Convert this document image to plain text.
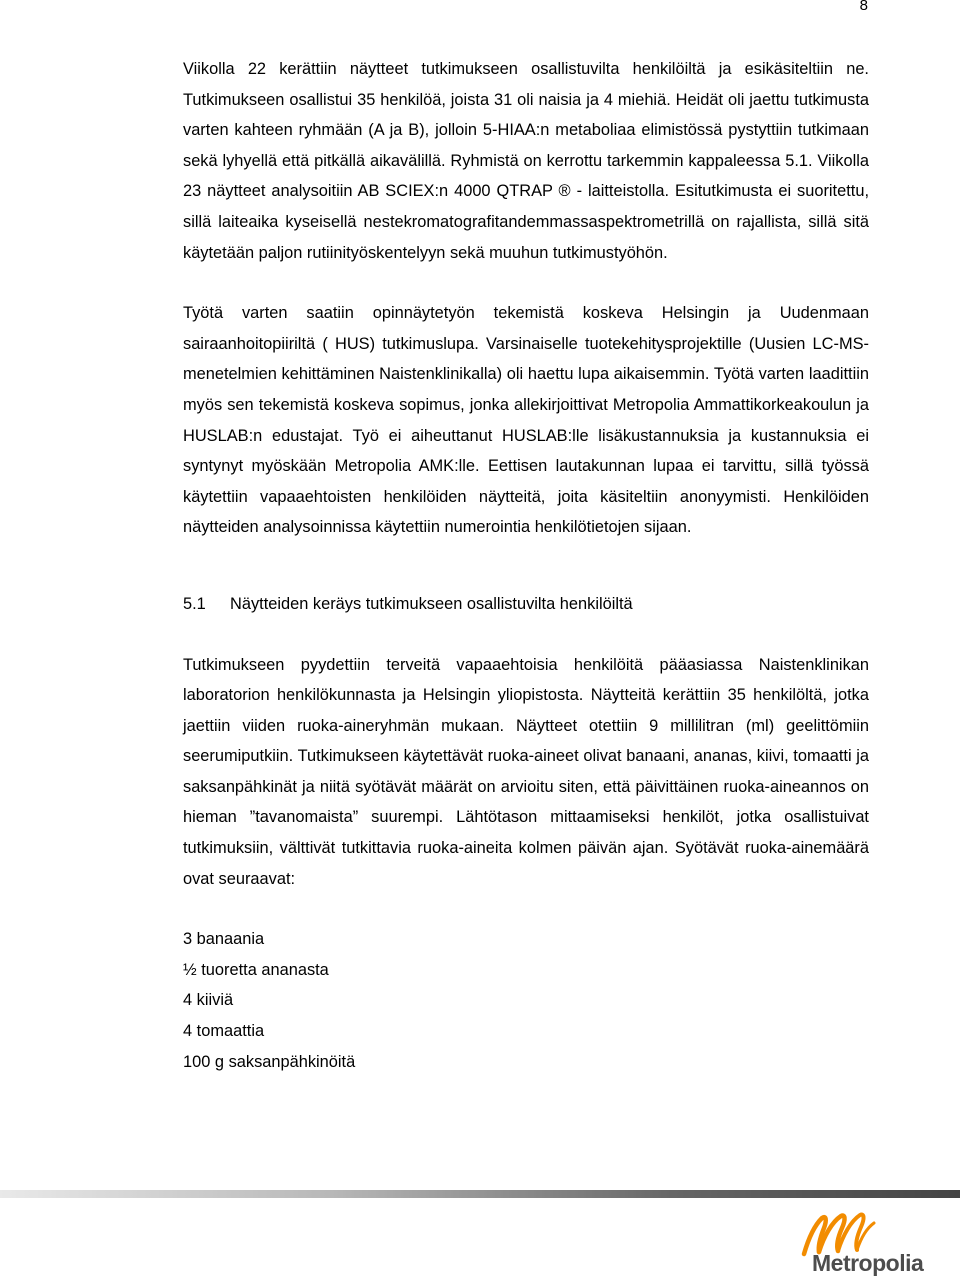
8

Viikolla 22 kerättiin näytteet tutkimukseen osallistuvilta henkilöiltä ja esikäsiteltiin ne. Tutkimukseen osallistui 35 henkilöä, joista 31 oli naisia ja 4 miehiä. Heidät oli jaettu tutkimusta varten kahteen ryhmään (A ja B), jolloin 5-HIAA:n metaboliaa elimistössä pystyttiin tutkimaan sekä lyhyellä että pitkällä aikavälillä. Ryhmistä on kerrottu tarkemmin kappaleessa 5.1. Viikolla 23 näytteet analysoitiin AB SCIEX:n 4000 QTRAP ® - laitteistolla. Esitutkimusta ei suoritettu, sillä laiteaika kyseisellä nestekromatografitandemmassaspektrometrillä on rajallista, sillä sitä käytetään paljon rutiinityöskentelyyn sekä muuhun tutkimustyöhön.

Työtä varten saatiin opinnäytetyön tekemistä koskeva Helsingin ja Uudenmaan sairaanhoitopiiriltä ( HUS) tutkimuslupa. Varsinaiselle tuotekehitysprojektille (Uusien LC-MS-menetelmien kehittäminen Naistenklinikalla) oli haettu lupa aikaisemmin. Työtä varten laadittiin myös sen tekemistä koskeva sopimus, jonka allekirjoittivat Metropolia Ammattikorkeakoulun ja HUSLAB:n edustajat. Työ ei aiheuttanut HUSLAB:lle lisäkustannuksia ja kustannuksia ei syntynyt myöskään Metropolia AMK:lle. Eettisen lautakunnan lupaa ei tarvittu, sillä työssä käytettiin vapaaehtoisten henkilöiden näytteitä, joita käsiteltiin anonyymisti. Henkilöiden näytteiden analysoinnissa käytettiin numerointia henkilötietojen sijaan.

5.1	Näytteiden keräys tutkimukseen osallistuvilta henkilöiltä

Tutkimukseen pyydettiin terveitä vapaaehtoisia henkilöitä pääasiassa Naistenklinikan laboratorion henkilökunnasta ja Helsingin yliopistosta. Näytteitä kerättiin 35 henkilöltä, jotka jaettiin viiden ruoka-aineryhmän mukaan. Näytteet otettiin 9 millilitran (ml) geelittömiin seerumiputkiin. Tutkimukseen käytettävät ruoka-aineet olivat banaani, ananas, kiivi, tomaatti ja saksanpähkinät ja niitä syötävät määrät on arvioitu siten, että päivittäinen ruoka-aineannos on hieman ”tavanomaista” suurempi. Lähtötason mittaamiseksi henkilöt, jotka osallistuivat tutkimuksiin, välttivät tutkittavia ruoka-aineita kolmen päivän ajan. Syötävät ruoka-ainemäärä ovat seuraavat:

3 banaania
½ tuoretta ananasta
4 kiiviä
4 tomaattia
100 g saksanpähkinöitä
Metropolia
